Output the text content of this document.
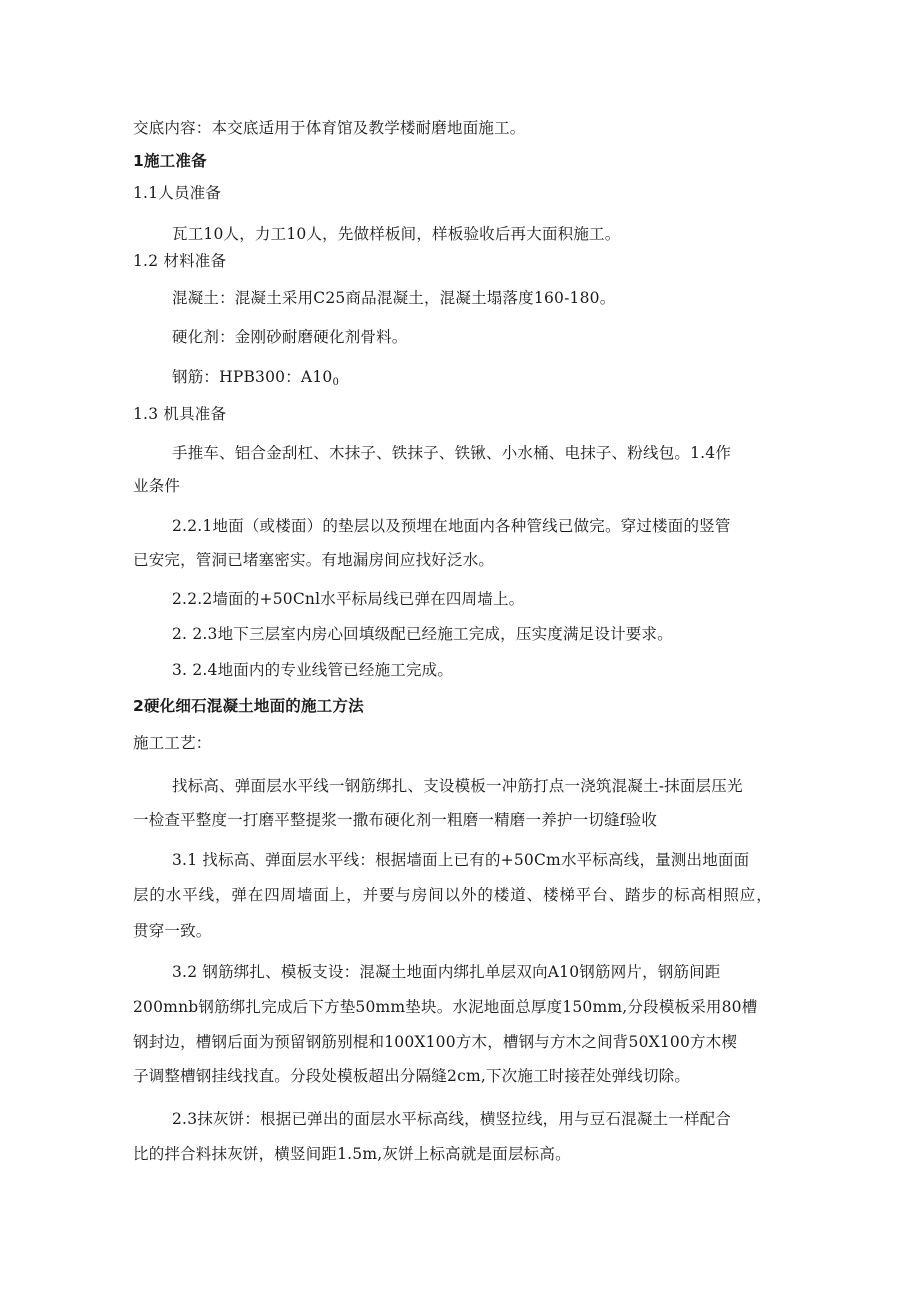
交底内容：本交底适用于体育馆及教学楼耐磨地面施工。

1施工准备

1.1人员准备

瓦工10人，力工10人，先做样板间，样板验收后再大面积施工。

1.2 材料准备

混凝土：混凝土采用C25商品混凝土，混凝土塌落度160-180。

硬化剂：金刚砂耐磨硬化剂骨料。

钢筋：HPB300：$A10_0$

1.3 机具准备

手推车、铝合金刮杠、木抹子、铁抹子、铁锹、小水桶、电抹子、粉线包。1.4作

业条件

2.2.1地面（或楼面）的垫层以及预埋在地面内各种管线已做完。穿过楼面的竖管

已安完，管洞已堵塞密实。有地漏房间应找好泛水。

2.2.2墙面的+50Cnl水平标局线已弹在四周墙上。

2. 2.3地下三层室内房心回填级配已经施工完成，压实度满足设计要求。

3. 2.4地面内的专业线管已经施工完成。

2硬化细石混凝土地面的施工方法

施工工艺：

找标高、弹面层水平线一钢筋绑扎、支设模板一冲筋打点一浇筑混凝土-抹面层压光

一检查平整度一打磨平整提浆一撒布硬化剂一粗磨一精磨一养护一切缝f验收

3.1 找标高、弹面层水平线：根据墙面上已有的+50Cm水平标高线，量测出地面面

层的水平线，弹在四周墙面上，并要与房间以外的楼道、楼梯平台、踏步的标高相照应，

贯穿一致。

3.2 钢筋绑扎、模板支设：混凝土地面内绑扎单层双向A10钢筋网片，钢筋间距

200mnb钢筋绑扎完成后下方垫50mm垫块。水泥地面总厚度150mm,分段模板采用80槽

钢封边，槽钢后面为预留钢筋别棍和100X100方木，槽钢与方木之间背50X100方木楔

子调整槽钢挂线找直。分段处模板超出分隔缝2cm,下次施工时接茬处弹线切除。

2.3抹灰饼：根据已弹出的面层水平标高线，横竖拉线，用与豆石混凝土一样配合

比的拌合料抹灰饼，横竖间距1.5m,灰饼上标高就是面层标高。
